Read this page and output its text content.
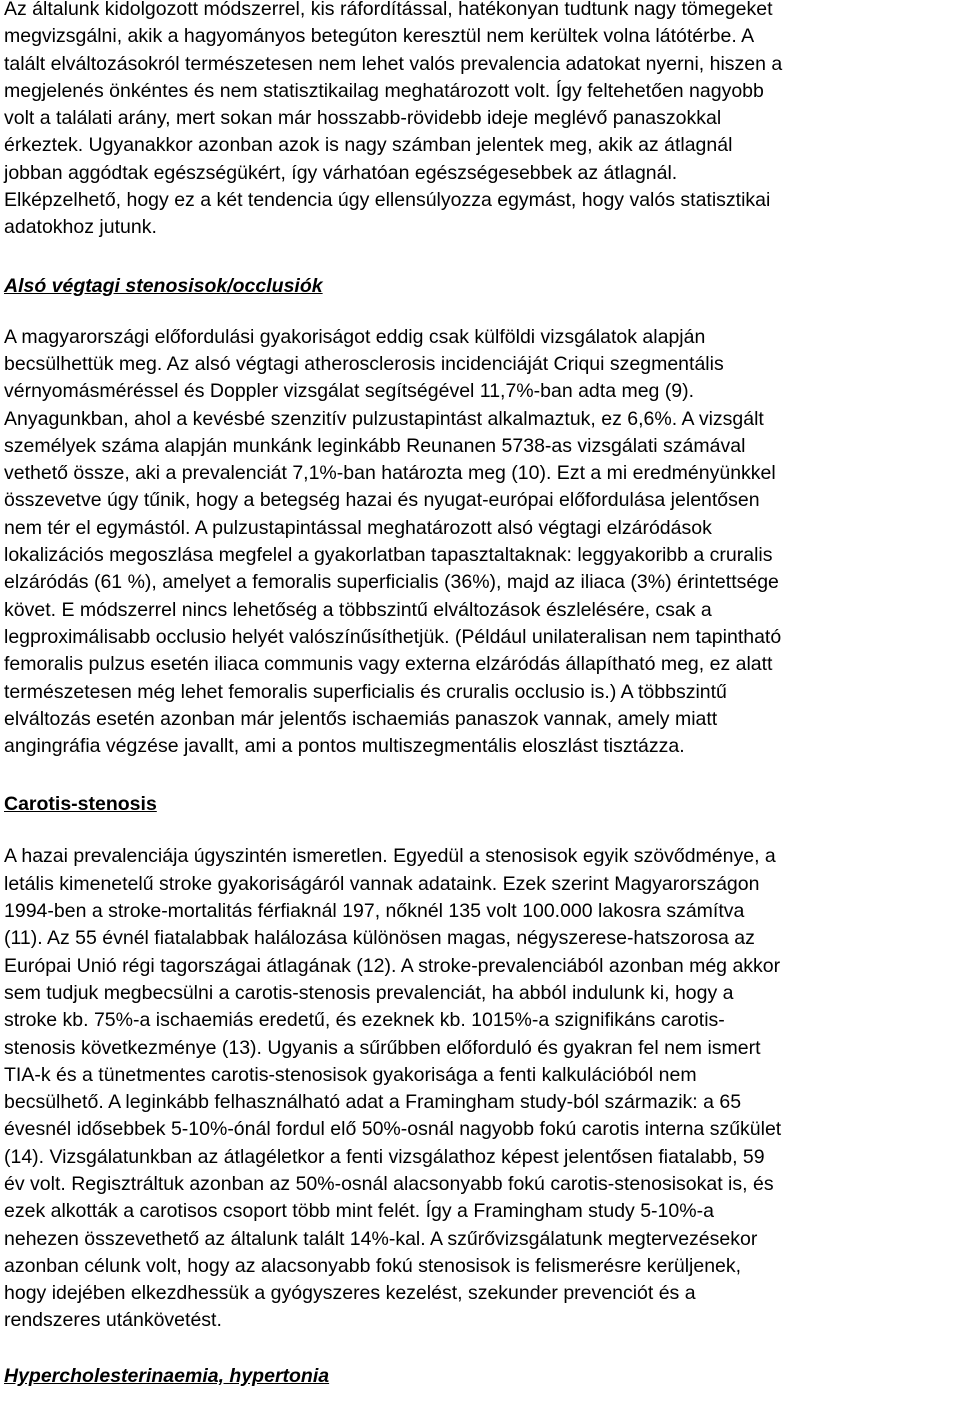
Az általunk kidolgozott módszerrel, kis ráfordítással, hatékonyan tudtunk nagy tömegeket
megvizsgálni, akik a hagyományos betegúton keresztül nem kerültek volna látótérbe. A
talált elváltozásokról természetesen nem lehet valós prevalencia adatokat nyerni, hiszen a
megjelenés önkéntes és nem statisztikailag meghatározott volt. Így feltehetően nagyobb
volt a találati arány, mert sokan már hosszabb-rövidebb ideje meglévő panaszokkal
érkeztek. Ugyanakkor azonban azok is nagy számban jelentek meg, akik az átlagnál
jobban aggódtak egészségükért, így várhatóan egészségesebbek az átlagnál.
Elképzelhető, hogy ez a két tendencia úgy ellensúlyozza egymást, hogy valós statisztikai
adatokhoz jutunk.

Alsó végtagi stenosisok/occlusiók

A magyarországi előfordulási gyakoriságot eddig csak külföldi vizsgálatok alapján
becsülhettük meg. Az alsó végtagi atherosclerosis incidenciáját Criqui szegmentális
vérnyomásméréssel és Doppler vizsgálat segítségével 11,7%-ban adta meg (9).
Anyagunkban, ahol a kevésbé szenzitív pulzustapintást alkalmaztuk, ez 6,6%. A vizsgált
személyek száma alapján munkánk leginkább Reunanen 5738-as vizsgálati számával
vethető össze, aki a prevalenciát 7,1%-ban határozta meg (10). Ezt a mi eredményünkkel
összevetve úgy tűnik, hogy a betegség hazai és nyugat-európai előfordulása jelentősen
nem tér el egymástól. A pulzustapintással meghatározott alsó végtagi elzáródások
lokalizációs megoszlása megfelel a gyakorlatban tapasztaltaknak: leggyakoribb a cruralis
elzáródás (61 %), amelyet a femoralis superficialis (36%), majd az iliaca (3%) érintettsége
követ. E módszerrel nincs lehetőség a többszintű elváltozások észlelésére, csak a
legproximálisabb occlusio helyét valószínűsíthetjük. (Például unilateralisan nem tapintható
femoralis pulzus esetén iliaca communis vagy externa elzáródás állapítható meg, ez alatt
természetesen még lehet femoralis superficialis és cruralis occlusio is.) A többszintű
elváltozás esetén azonban már jelentős ischaemiás panaszok vannak, amely miatt
angingráfia végzése javallt, ami a pontos multiszegmentális eloszlást tisztázza.

Carotis-stenosis

A hazai prevalenciája úgyszintén ismeretlen. Egyedül a stenosisok egyik szövődménye, a
letális kimenetelű stroke gyakoriságáról vannak adataink. Ezek szerint Magyarországon
1994-ben a stroke-mortalitás férfiaknál 197, nőknél 135 volt 100.000 lakosra számítva
(11). Az 55 évnél fiatalabbak halálozása különösen magas, négyszerese-hatszorosa az
Európai Unió régi tagországai átlagának (12). A stroke-prevalenciából azonban még akkor
sem tudjuk megbecsülni a carotis-stenosis prevalenciát, ha abból indulunk ki, hogy a
stroke kb. 75%-a ischaemiás eredetű, és ezeknek kb. 1015%-a szignifikáns carotis-
stenosis következménye (13). Ugyanis a sűrűbben előforduló és gyakran fel nem ismert
TIA-k és a tünetmentes carotis-stenosisok gyakorisága a fenti kalkulációból nem
becsülhető. A leginkább felhasználható adat a Framingham study-ból származik: a 65
évesnél idősebbek 5-10%-ónál fordul elő 50%-osnál nagyobb fokú carotis interna szűkület
(14). Vizsgálatunkban az átlagéletkor a fenti vizsgálathoz képest jelentősen fiatalabb, 59
év volt. Regisztráltuk azonban az 50%-osnál alacsonyabb fokú carotis-stenosisokat is, és
ezek alkották a carotisos csoport több mint felét. Így a Framingham study 5-10%-a
nehezen összevethető az általunk talált 14%-kal. A szűrővizsgálatunk megtervezésekor
azonban célunk volt, hogy az alacsonyabb fokú stenosisok is felismerésre kerüljenek,
hogy idejében elkezdhessük a gyógyszeres kezelést, szekunder prevenciót és a
rendszeres utánkövetést.

Hypercholesterinaemia, hypertonia
